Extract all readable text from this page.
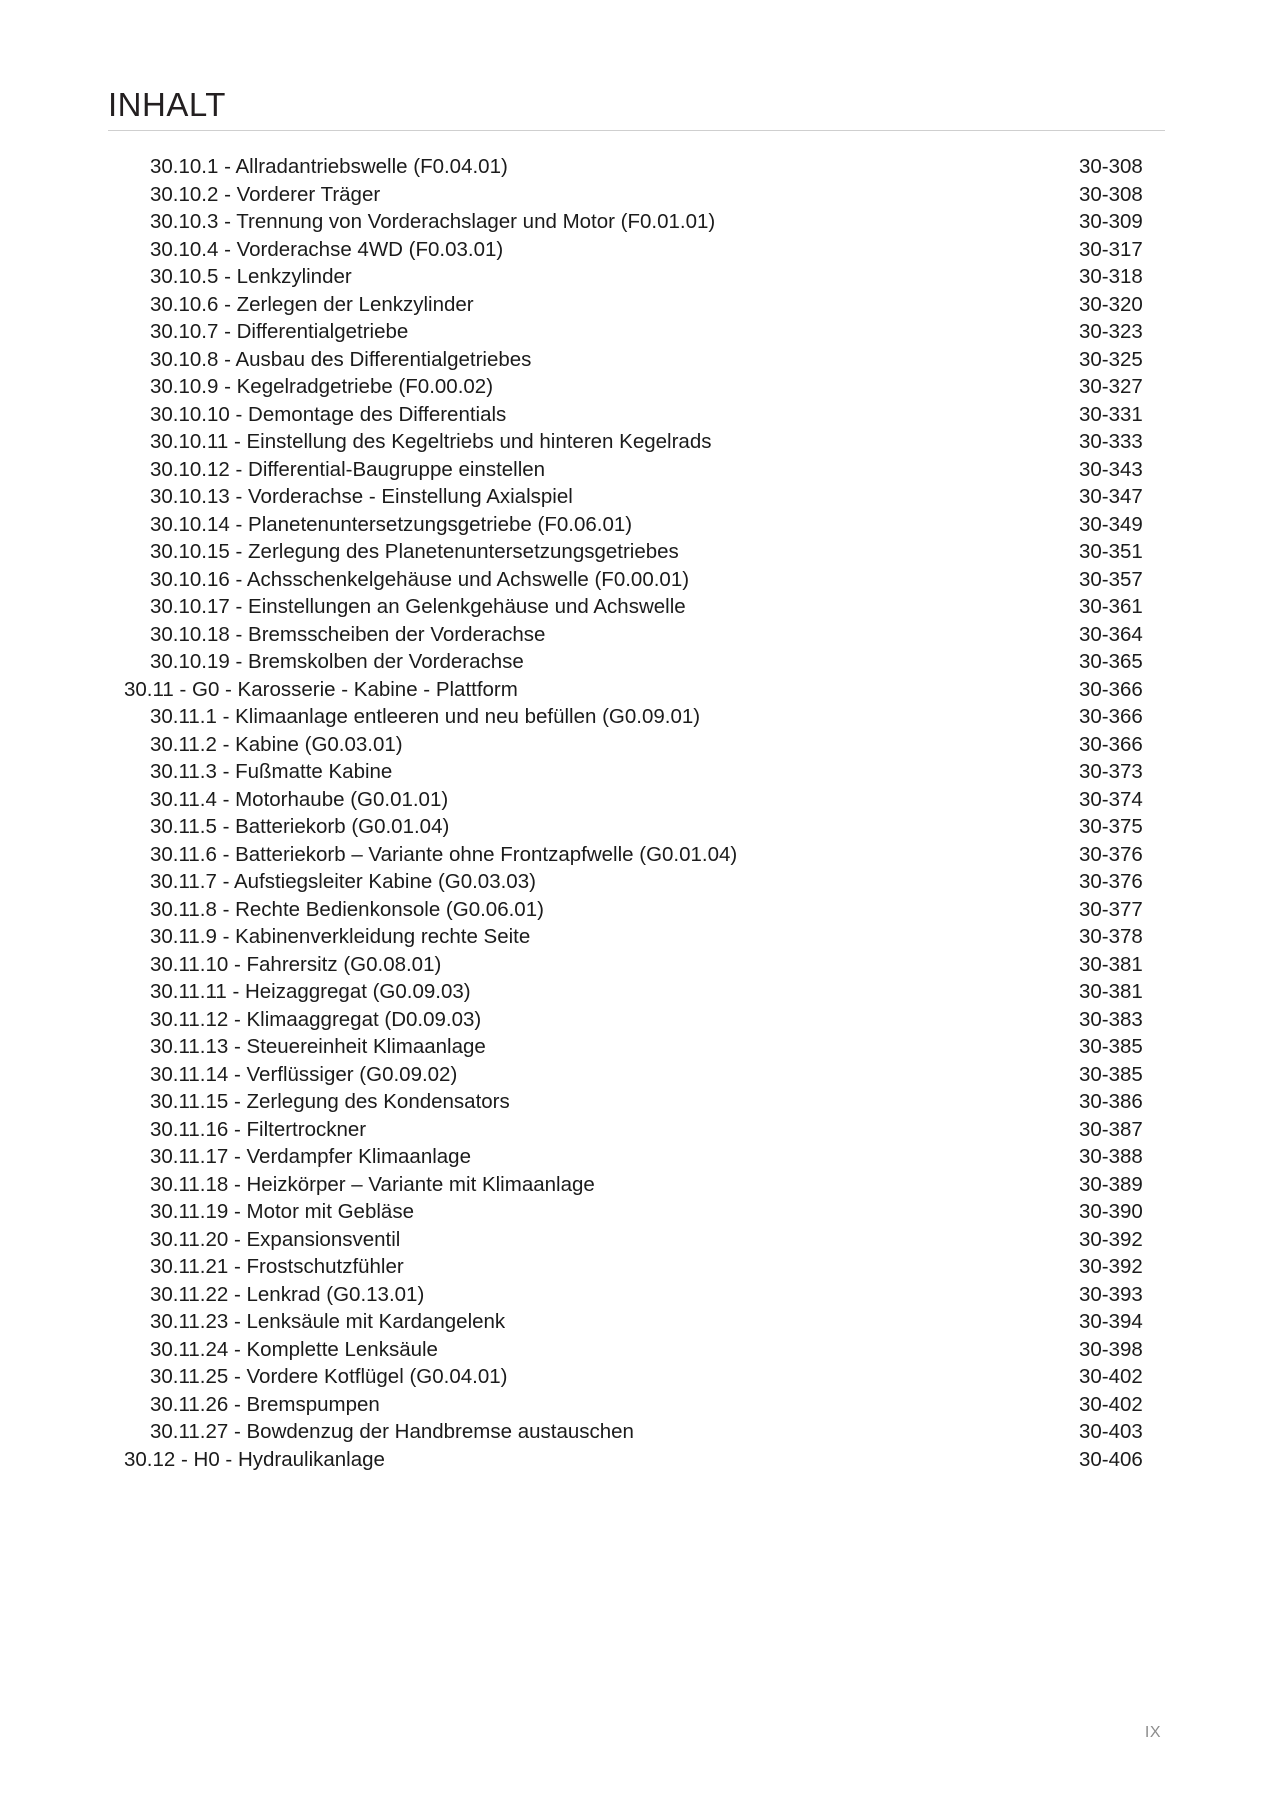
INHALT
30.10.1 - Allradantriebswelle (F0.04.01)	30-308
30.10.2 - Vorderer Träger	30-308
30.10.3 - Trennung von Vorderachslager und Motor (F0.01.01)	30-309
30.10.4 - Vorderachse 4WD (F0.03.01)	30-317
30.10.5 - Lenkzylinder	30-318
30.10.6 - Zerlegen der Lenkzylinder	30-320
30.10.7 - Differentialgetriebe	30-323
30.10.8 - Ausbau des Differentialgetriebes	30-325
30.10.9 - Kegelradgetriebe (F0.00.02)	30-327
30.10.10 - Demontage des Differentials	30-331
30.10.11 - Einstellung des Kegeltriebs und hinteren Kegelrads	30-333
30.10.12 - Differential-Baugruppe einstellen	30-343
30.10.13 - Vorderachse - Einstellung Axialspiel	30-347
30.10.14 - Planetenuntersetzungsgetriebe (F0.06.01)	30-349
30.10.15 - Zerlegung des Planetenuntersetzungsgetriebes	30-351
30.10.16 - Achsschenkelgehäuse und Achswelle (F0.00.01)	30-357
30.10.17 - Einstellungen an Gelenkgehäuse und Achswelle	30-361
30.10.18 - Bremsscheiben der Vorderachse	30-364
30.10.19 - Bremskolben der Vorderachse	30-365
30.11 - G0 - Karosserie - Kabine - Plattform	30-366
30.11.1 - Klimaanlage entleeren und neu befüllen (G0.09.01)	30-366
30.11.2 - Kabine (G0.03.01)	30-366
30.11.3 - Fußmatte Kabine	30-373
30.11.4 - Motorhaube (G0.01.01)	30-374
30.11.5 - Batteriekorb (G0.01.04)	30-375
30.11.6 - Batteriekorb – Variante ohne Frontzapfwelle (G0.01.04)	30-376
30.11.7 - Aufstiegsleiter Kabine (G0.03.03)	30-376
30.11.8 - Rechte Bedienkonsole (G0.06.01)	30-377
30.11.9 - Kabinenverkleidung rechte Seite	30-378
30.11.10 - Fahrersitz (G0.08.01)	30-381
30.11.11 - Heizaggregat (G0.09.03)	30-381
30.11.12 - Klimaaggregat (D0.09.03)	30-383
30.11.13 - Steuereinheit Klimaanlage	30-385
30.11.14 - Verflüssiger (G0.09.02)	30-385
30.11.15 - Zerlegung des Kondensators	30-386
30.11.16 - Filtertrockner	30-387
30.11.17 - Verdampfer Klimaanlage	30-388
30.11.18 - Heizkörper – Variante mit Klimaanlage	30-389
30.11.19 - Motor mit Gebläse	30-390
30.11.20 - Expansionsventil	30-392
30.11.21 - Frostschutzfühler	30-392
30.11.22 - Lenkrad (G0.13.01)	30-393
30.11.23 - Lenksäule mit Kardangelenk	30-394
30.11.24 - Komplette Lenksäule	30-398
30.11.25 - Vordere Kotflügel (G0.04.01)	30-402
30.11.26 - Bremspumpen	30-402
30.11.27 - Bowdenzug der Handbremse austauschen	30-403
30.12 - H0 - Hydraulikanlage	30-406
IX
